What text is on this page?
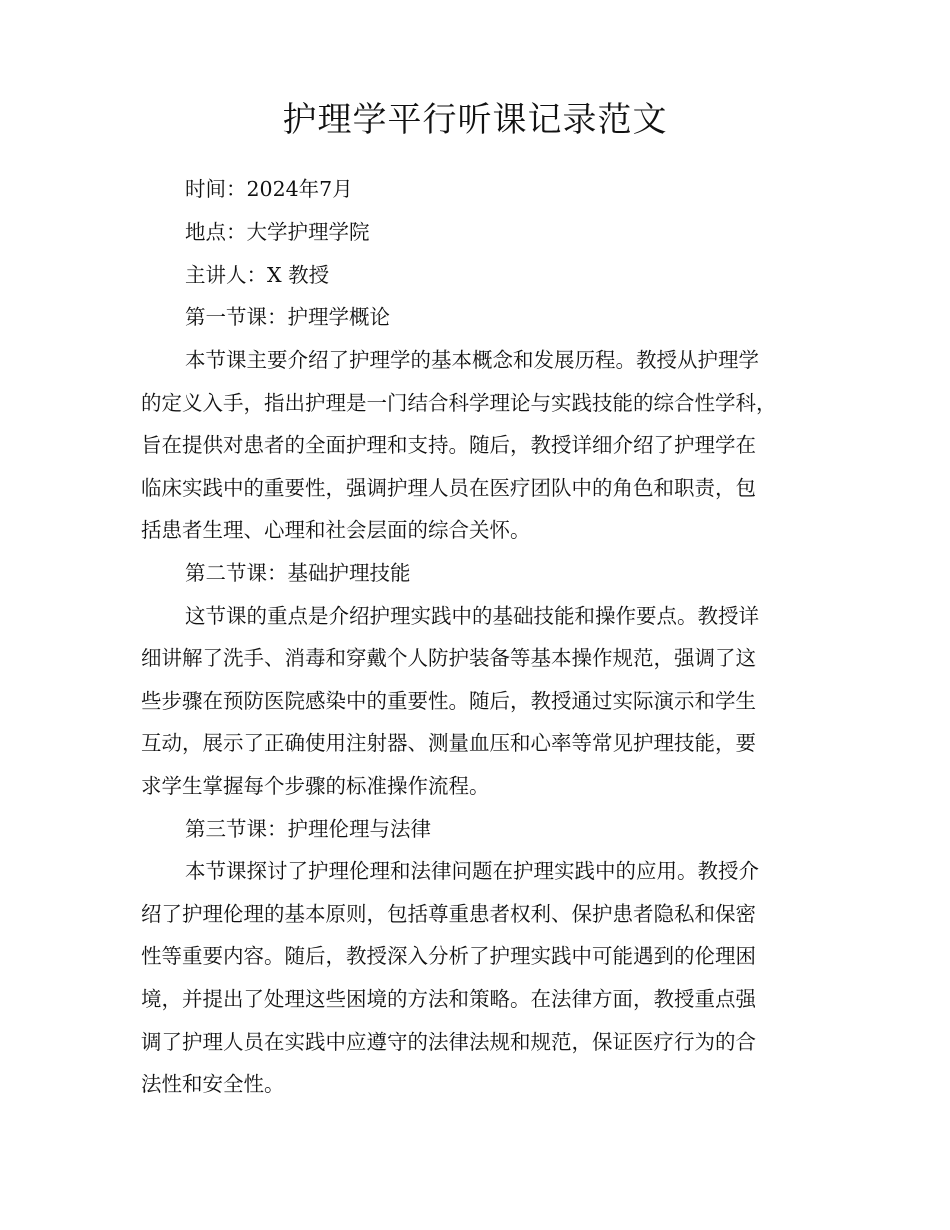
护理学平行听课记录范文
时间：2024年7月
地点：大学护理学院
主讲人：X 教授
第一节课：护理学概论
本节课主要介绍了护理学的基本概念和发展历程。教授从护理学
的定义入手，指出护理是一门结合科学理论与实践技能的综合性学科，
旨在提供对患者的全面护理和支持。随后，教授详细介绍了护理学在
临床实践中的重要性，强调护理人员在医疗团队中的角色和职责，包
括患者生理、心理和社会层面的综合关怀。
第二节课：基础护理技能
这节课的重点是介绍护理实践中的基础技能和操作要点。教授详
细讲解了洗手、消毒和穿戴个人防护装备等基本操作规范，强调了这
些步骤在预防医院感染中的重要性。随后，教授通过实际演示和学生
互动，展示了正确使用注射器、测量血压和心率等常见护理技能，要
求学生掌握每个步骤的标准操作流程。
第三节课：护理伦理与法律
本节课探讨了护理伦理和法律问题在护理实践中的应用。教授介
绍了护理伦理的基本原则，包括尊重患者权利、保护患者隐私和保密
性等重要内容。随后，教授深入分析了护理实践中可能遇到的伦理困
境，并提出了处理这些困境的方法和策略。在法律方面，教授重点强
调了护理人员在实践中应遵守的法律法规和规范，保证医疗行为的合
法性和安全性。
